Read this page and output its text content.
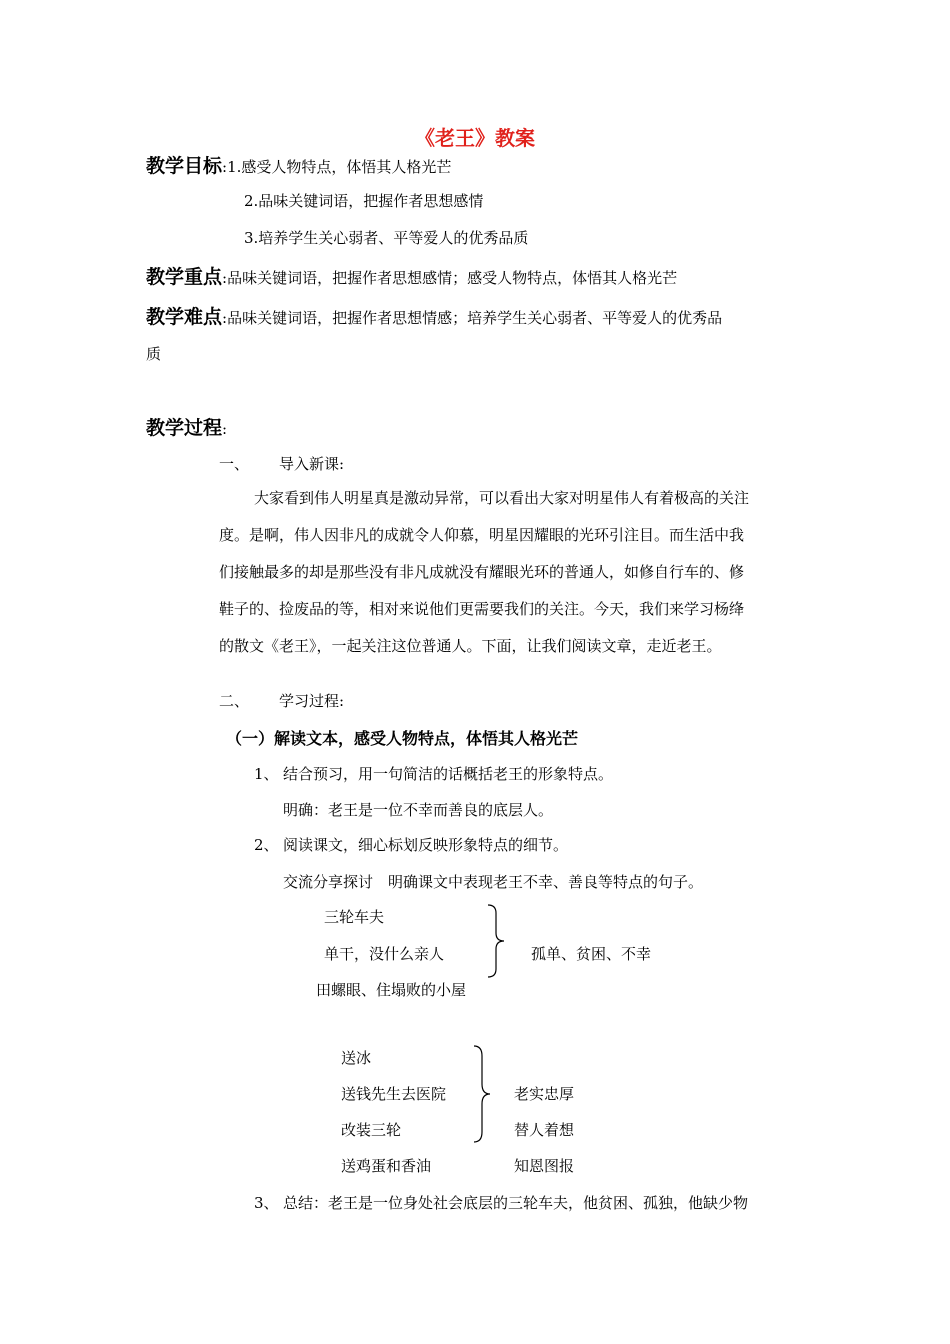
《老王》教案
教学目标:1.感受人物特点，体悟其人格光芒
2.品味关键词语，把握作者思想感情
3.培养学生关心弱者、平等爱人的优秀品质
教学重点:品味关键词语，把握作者思想感情；感受人物特点，体悟其人格光芒
教学难点:品味关键词语，把握作者思想情感；培养学生关心弱者、平等爱人的优秀品
质
教学过程:
一、 导入新课:
大家看到伟人明星真是激动异常，可以看出大家对明星伟人有着极高的关注
度。是啊，伟人因非凡的成就令人仰慕，明星因耀眼的光环引注目。而生活中我
们接触最多的却是那些没有非凡成就没有耀眼光环的普通人，如修自行车的、修
鞋子的、捡废品的等，相对来说他们更需要我们的关注。今天，我们来学习杨绛
的散文《老王》，一起关注这位普通人。下面，让我们阅读文章，走近老王。
二、 学习过程:
（一）解读文本，感受人物特点，体悟其人格光芒
1、 结合预习，用一句简洁的话概括老王的形象特点。
明确：老王是一位不幸而善良的底层人。
2、 阅读课文，细心标划反映形象特点的细节。
交流分享探讨　明确课文中表现老王不幸、善良等特点的句子。
三轮车夫
单干，没什么亲人
田螺眼、住塌败的小屋
孤单、贫困、不幸
送冰
送钱先生去医院
改装三轮
送鸡蛋和香油
老实忠厚
替人着想
知恩图报
3、 总结：老王是一位身处社会底层的三轮车夫，他贫困、孤独，他缺少物
